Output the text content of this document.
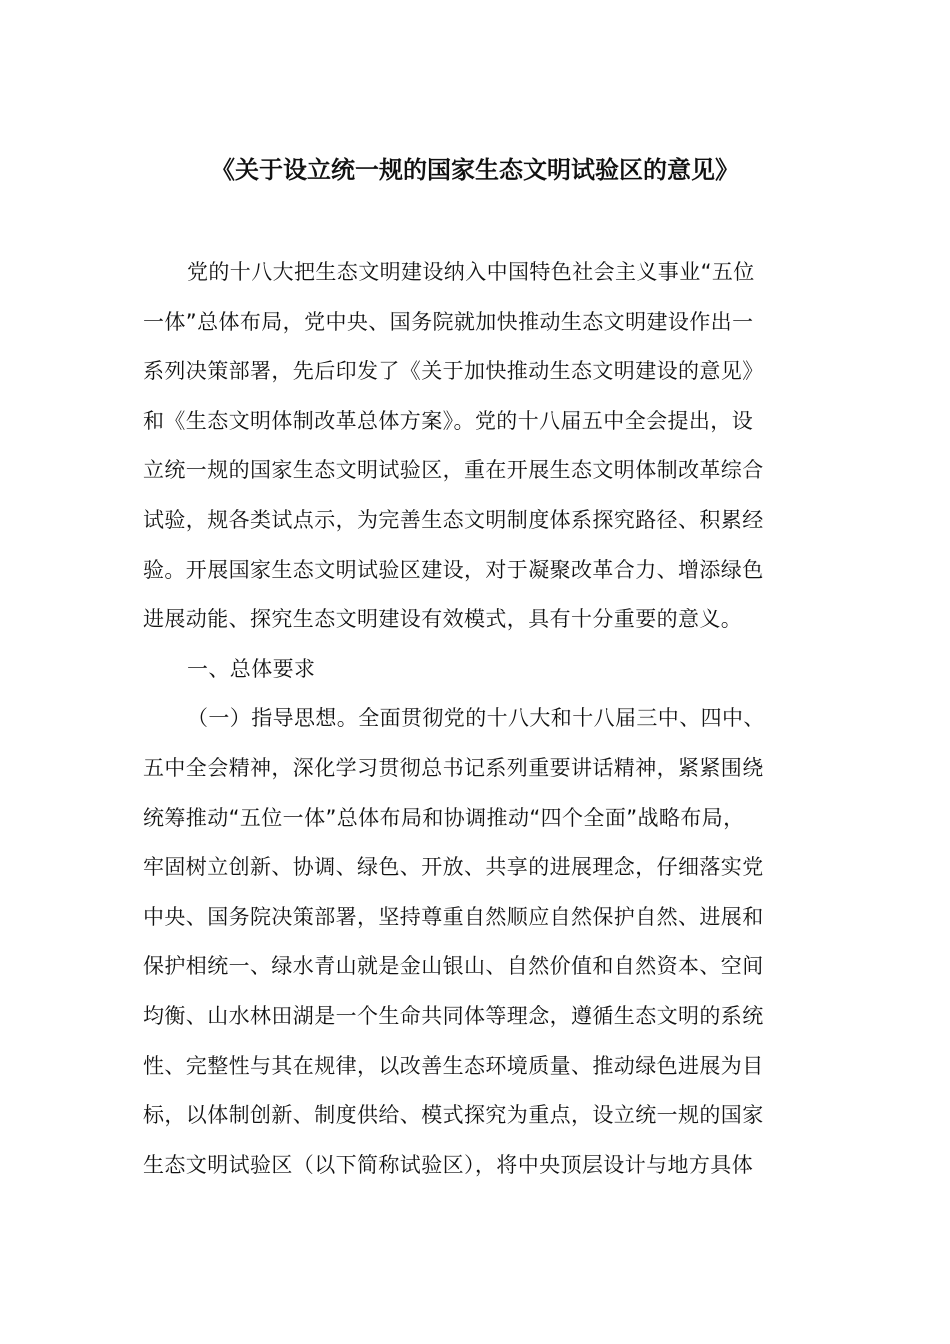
《关于设立统一规的国家生态文明试验区的意见》
党的十八大把生态文明建设纳入中国特色社会主义事业“五位
一体”总体布局，党中央、国务院就加快推动生态文明建设作出一
系列决策部署，先后印发了《关于加快推动生态文明建设的意见》
和《生态文明体制改革总体方案》。党的十八届五中全会提出，设
立统一规的国家生态文明试验区，重在开展生态文明体制改革综合
试验，规各类试点示，为完善生态文明制度体系探究路径、积累经
验。开展国家生态文明试验区建设，对于凝聚改革合力、增添绿色
进展动能、探究生态文明建设有效模式，具有十分重要的意义。
一、总体要求
（一）指导思想。全面贯彻党的十八大和十八届三中、四中、
五中全会精神，深化学习贯彻总书记系列重要讲话精神，紧紧围绕
统筹推动“五位一体”总体布局和协调推动“四个全面”战略布局，
牢固树立创新、协调、绿色、开放、共享的进展理念，仔细落实党
中央、国务院决策部署，坚持尊重自然顺应自然保护自然、进展和
保护相统一、绿水青山就是金山银山、自然价值和自然资本、空间
均衡、山水林田湖是一个生命共同体等理念，遵循生态文明的系统
性、完整性与其在规律，以改善生态环境质量、推动绿色进展为目
标，以体制创新、制度供给、模式探究为重点，设立统一规的国家
生态文明试验区（以下简称试验区），将中央顶层设计与地方具体
